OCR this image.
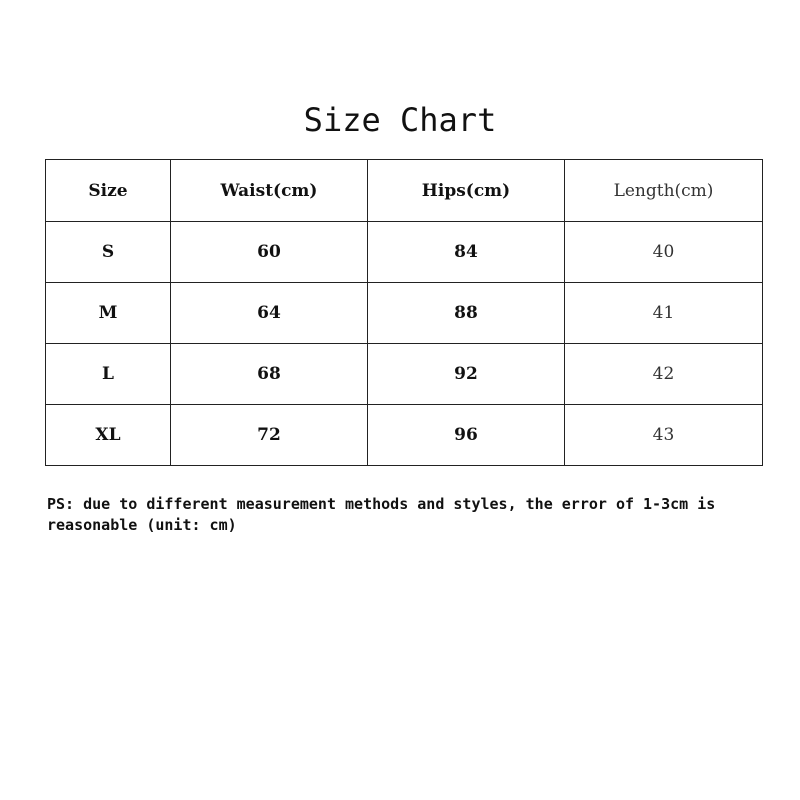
Size Chart
Size	Waist(cm)	Hips(cm)	Length(cm)
S	60	84	40
M	64	88	41
L	68	92	42
XL	72	96	43
PS: due to different measurement methods and styles, the error of 1-3cm is reasonable (unit: cm)
